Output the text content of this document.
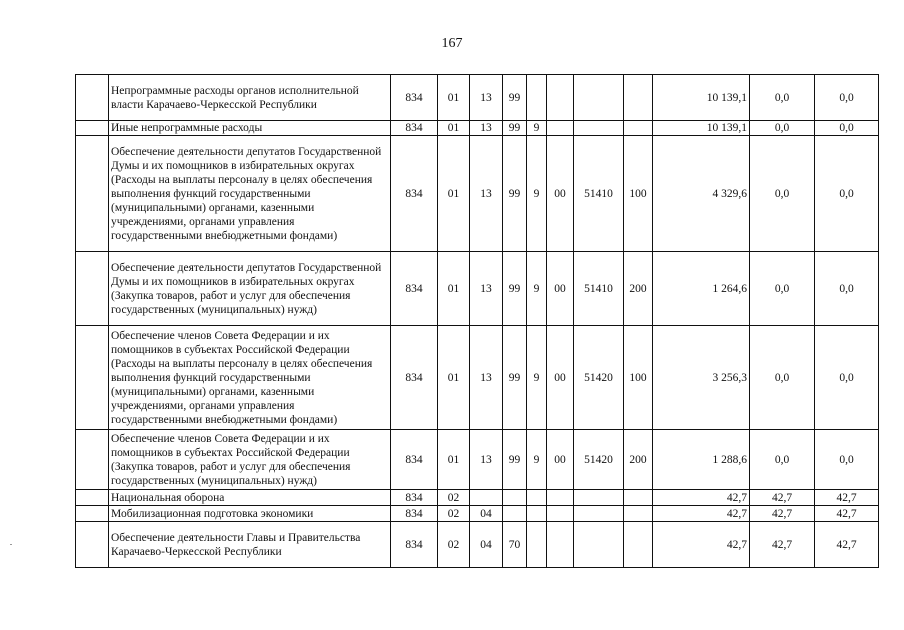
167
	Непрограммные расходы органов исполнительной власти Карачаево-Черкесской Республики	834	01	13	99					10 139,1	0,0	0,0
	Иные непрограммные расходы	834	01	13	99	9				10 139,1	0,0	0,0
	Обеспечение деятельности депутатов Государственной Думы и их помощников в избирательных округах (Расходы на выплаты персоналу в целях обеспечения выполнения функций государственными (муниципальными) органами, казенными учреждениями, органами управления государственными внебюджетными фондами)	834	01	13	99	9	00	51410	100	4 329,6	0,0	0,0
	Обеспечение деятельности депутатов Государственной Думы и их помощников в избирательных округах (Закупка товаров, работ и услуг для обеспечения государственных (муниципальных) нужд)	834	01	13	99	9	00	51410	200	1 264,6	0,0	0,0
	Обеспечение членов Совета Федерации и их помощников в субъектах Российской Федерации (Расходы на выплаты персоналу в целях обеспечения выполнения функций государственными (муниципальными) органами, казенными учреждениями, органами управления государственными внебюджетными фондами)	834	01	13	99	9	00	51420	100	3 256,3	0,0	0,0
	Обеспечение членов Совета Федерации и их помощников в субъектах Российской Федерации (Закупка товаров, работ и услуг для обеспечения государственных (муниципальных) нужд)	834	01	13	99	9	00	51420	200	1 288,6	0,0	0,0
	Национальная оборона	834	02							42,7	42,7	42,7
	Мобилизационная подготовка экономики	834	02	04						42,7	42,7	42,7
	Обеспечение деятельности Главы и Правительства Карачаево-Черкесской Республики	834	02	04	70					42,7	42,7	42,7
